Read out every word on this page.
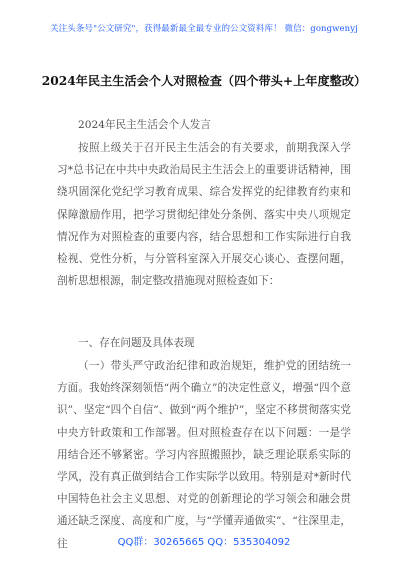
关注头条号"公文研究"，获得最新最全最专业的公文资料库！ 微信：gongwenyj
2024年民主生活会个人对照检查（四个带头+上年度整改）
2024年民主生活会个人发言
按照上级关于召开民主生活会的有关要求，前期我深入学习*总书记在中共中央政治局民主生活会上的重要讲话精神，围绕巩固深化党纪学习教育成果、综合发挥党的纪律教育约束和保障激励作用，把学习贯彻纪律处分条例、落实中央八项规定情况作为对照检查的重要内容，结合思想和工作实际进行自我检视、党性分析，与分管科室深入开展交心谈心、查摆问题，剖析思想根源，制定整改措施现对照检查如下：
一、存在问题及具体表现
（一）带头严守政治纪律和政治规矩，维护党的团结统一方面。我始终深刻领悟“两个确立”的决定性意义，增强“四个意识”、坚定“四个自信”、做到“两个维护”，坚定不移贯彻落实党中央方针政策和工作部署。但对照检查存在以下问题：一是学用结合还不够紧密。学习内容照搬照抄，缺乏理论联系实际的学风，没有真正做到结合工作实际学以致用。特别是对*新时代中国特色社会主义思想、对党的创新理论的学习领会和融会贯通还缺乏深度、高度和广度，与“学懂弄通做实”、“往深里走，往	QQ群：30265665 QQ：535304092
